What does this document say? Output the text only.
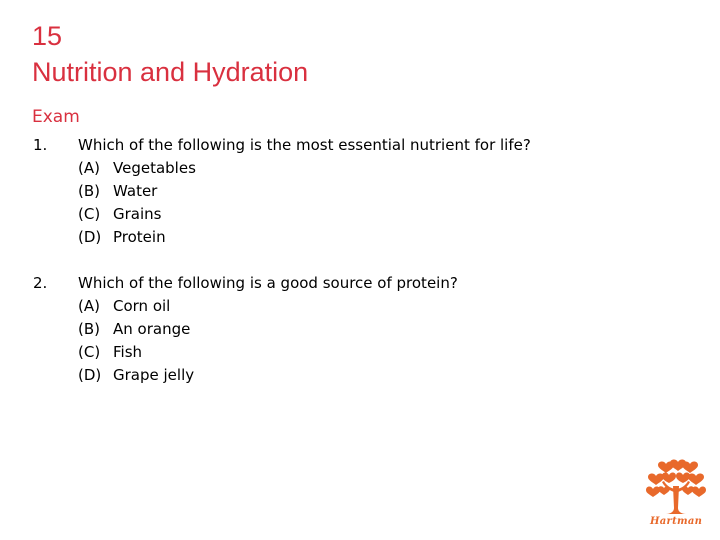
15
Nutrition and Hydration
Exam
1.	Which of the following is the most essential nutrient for life?
(A) Vegetables
(B) Water
(C) Grains
(D) Protein
2.	Which of the following is a good source of protein?
(A) Corn oil
(B) An orange
(C) Fish
(D) Grape jelly
Hartman
